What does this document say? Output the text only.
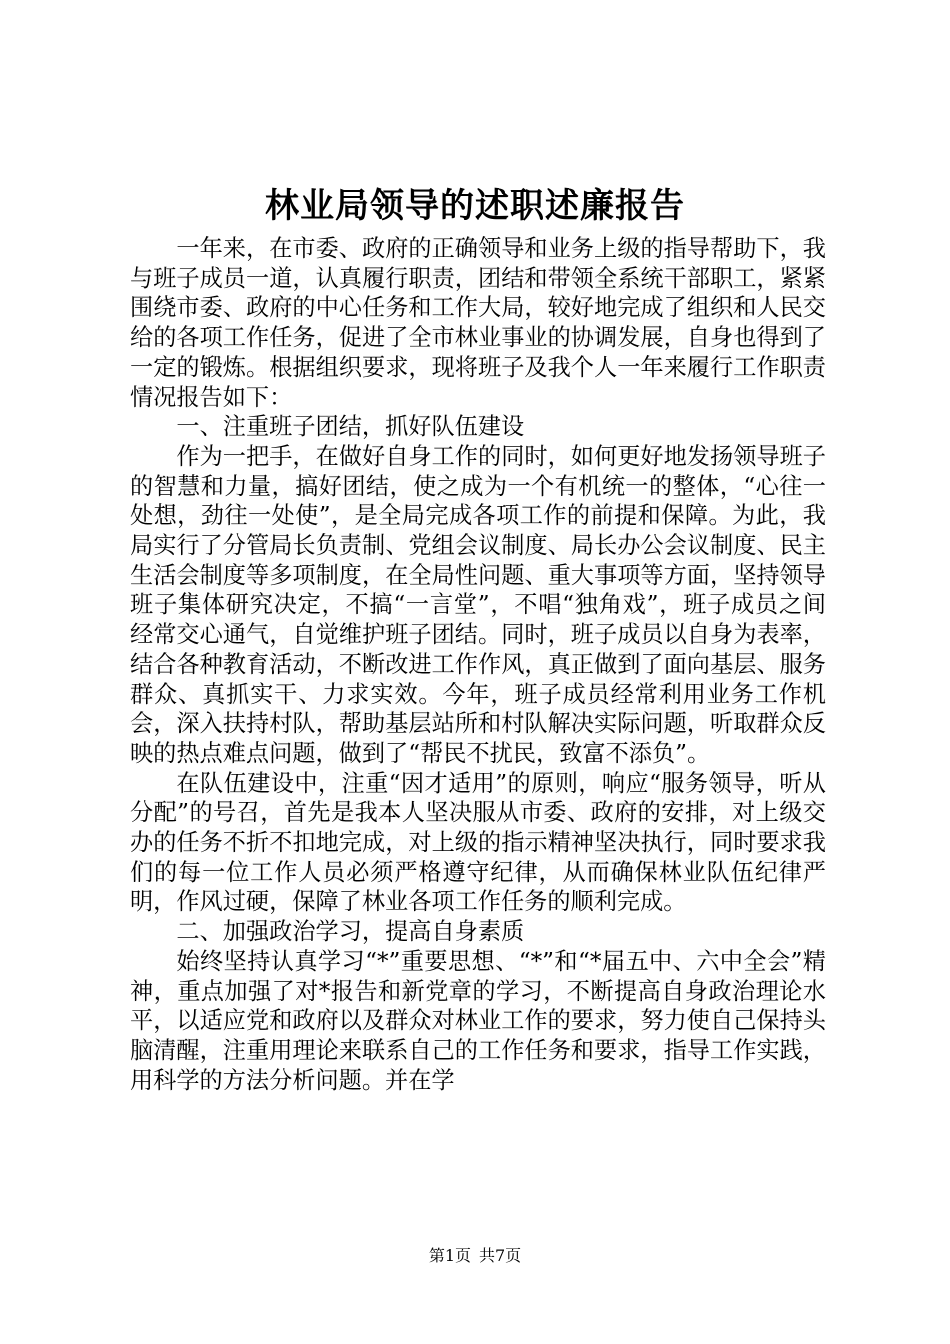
林业局领导的述职述廉报告

一年来，在市委、政府的正确领导和业务上级的指导帮助下，我与班子成员一道，认真履行职责，团结和带领全系统干部职工，紧紧围绕市委、政府的中心任务和工作大局，较好地完成了组织和人民交给的各项工作任务，促进了全市林业事业的协调发展，自身也得到了一定的锻炼。根据组织要求，现将班子及我个人一年来履行工作职责情况报告如下：

一、注重班子团结，抓好队伍建设

作为一把手，在做好自身工作的同时，如何更好地发扬领导班子的智慧和力量，搞好团结，使之成为一个有机统一的整体，“心往一处想，劲往一处使”，是全局完成各项工作的前提和保障。为此，我局实行了分管局长负责制、党组会议制度、局长办公会议制度、民主生活会制度等多项制度，在全局性问题、重大事项等方面，坚持领导班子集体研究决定，不搞“一言堂”，不唱“独角戏”，班子成员之间经常交心通气，自觉维护班子团结。同时，班子成员以自身为表率，结合各种教育活动，不断改进工作作风，真正做到了面向基层、服务群众、真抓实干、力求实效。今年，班子成员经常利用业务工作机会，深入扶持村队，帮助基层站所和村队解决实际问题，听取群众反映的热点难点问题，做到了“帮民不扰民，致富不添负”。

在队伍建设中，注重“因才适用”的原则，响应“服务领导，听从分配”的号召，首先是我本人坚决服从市委、政府的安排，对上级交办的任务不折不扣地完成，对上级的指示精神坚决执行，同时要求我们的每一位工作人员必须严格遵守纪律，从而确保林业队伍纪律严明，作风过硬，保障了林业各项工作任务的顺利完成。

二、加强政治学习，提高自身素质

始终坚持认真学习“*”重要思想、“*”和“*届五中、六中全会”精神，重点加强了对*报告和新党章的学习，不断提高自身政治理论水平，以适应党和政府以及群众对林业工作的要求，努力使自己保持头脑清醒，注重用理论来联系自己的工作任务和要求，指导工作实践，用科学的方法分析问题。并在学

第1页 共7页
